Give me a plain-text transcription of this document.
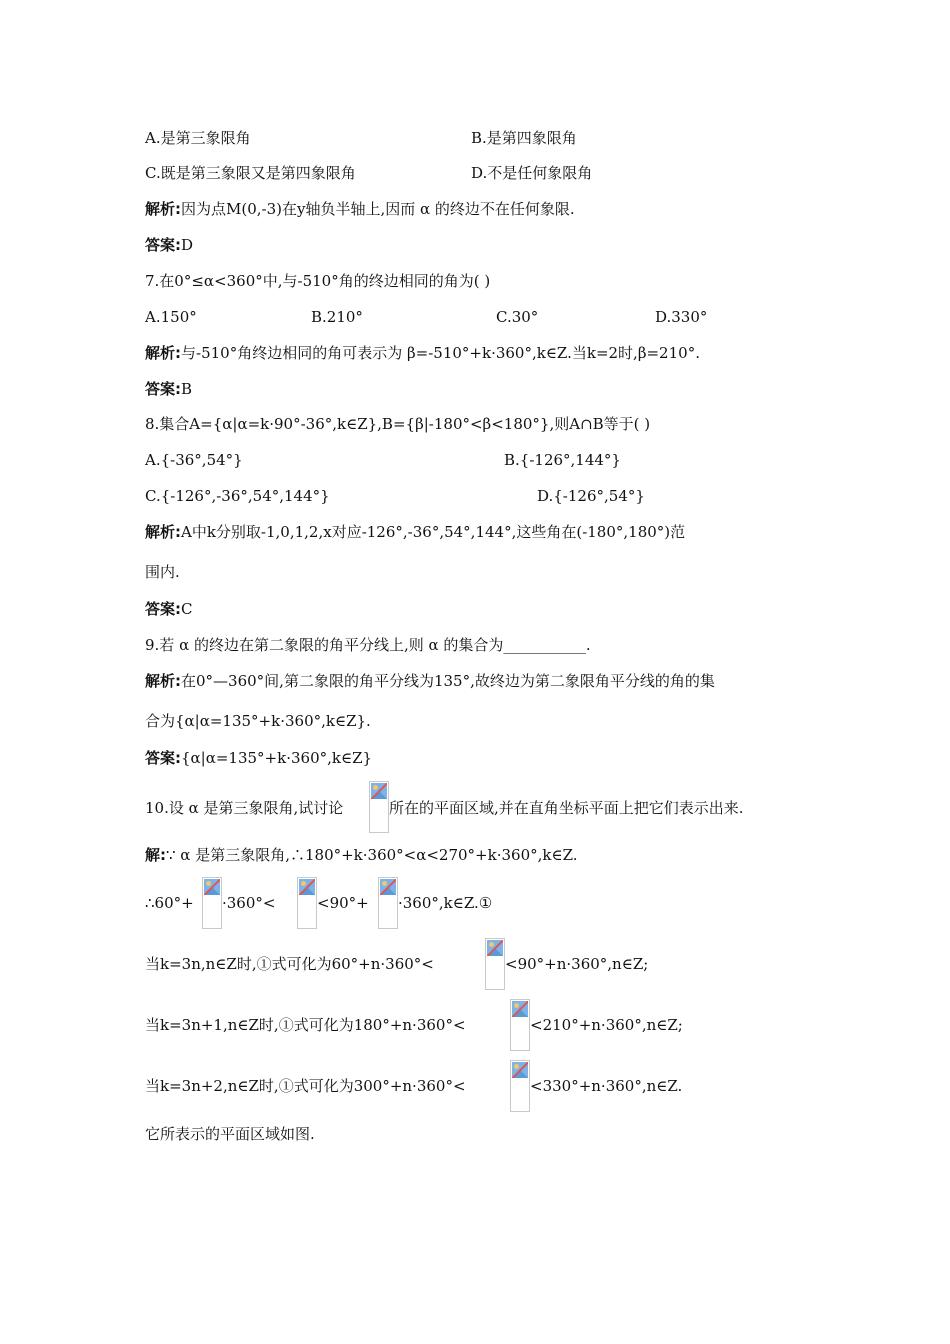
A.是第三象限角	B.是第四象限角
C.既是第三象限又是第四象限角	D.不是任何象限角
解析:因为点M(0,-3)在y轴负半轴上,因而 α 的终边不在任何象限.
答案:D
7.在0°≤α<360°中,与-510°角的终边相同的角为( )
A.150°	B.210°	C.30°	D.330°
解析:与-510°角终边相同的角可表示为 β=-510°+k·360°,k∈Z.当k=2时,β=210°.
答案:B
8.集合A={α|α=k·90°-36°,k∈Z},B={β|-180°<β<180°},则A∩B等于( )
A.{-36°,54°}	B.{-126°,144°}
C.{-126°,-36°,54°,144°}	D.{-126°,54°}
解析:A中k分别取-1,0,1,2,x对应-126°,-36°,54°,144°,这些角在(-180°,180°)范
围内.
答案:C
9.若 α 的终边在第二象限的角平分线上,则 α 的集合为___________.
解析:在0°—360°间,第二象限的角平分线为135°,故终边为第二象限角平分线的角的集
合为{α|α=135°+k·360°,k∈Z}.
答案:{α|α=135°+k·360°,k∈Z}
10.设 α 是第三象限角,试讨论	所在的平面区域,并在直角坐标平面上把它们表示出来.
解:∵ α 是第三象限角,∴180°+k·360°<α<270°+k·360°,k∈Z.
∴60°+ ·360°<	<90°+ ·360°,k∈Z.①
当k=3n,n∈Z时,①式可化为60°+n·360°<	<90°+n·360°,n∈Z;
当k=3n+1,n∈Z时,①式可化为180°+n·360°<	<210°+n·360°,n∈Z;
当k=3n+2,n∈Z时,①式可化为300°+n·360°<	<330°+n·360°,n∈Z.
它所表示的平面区域如图.
